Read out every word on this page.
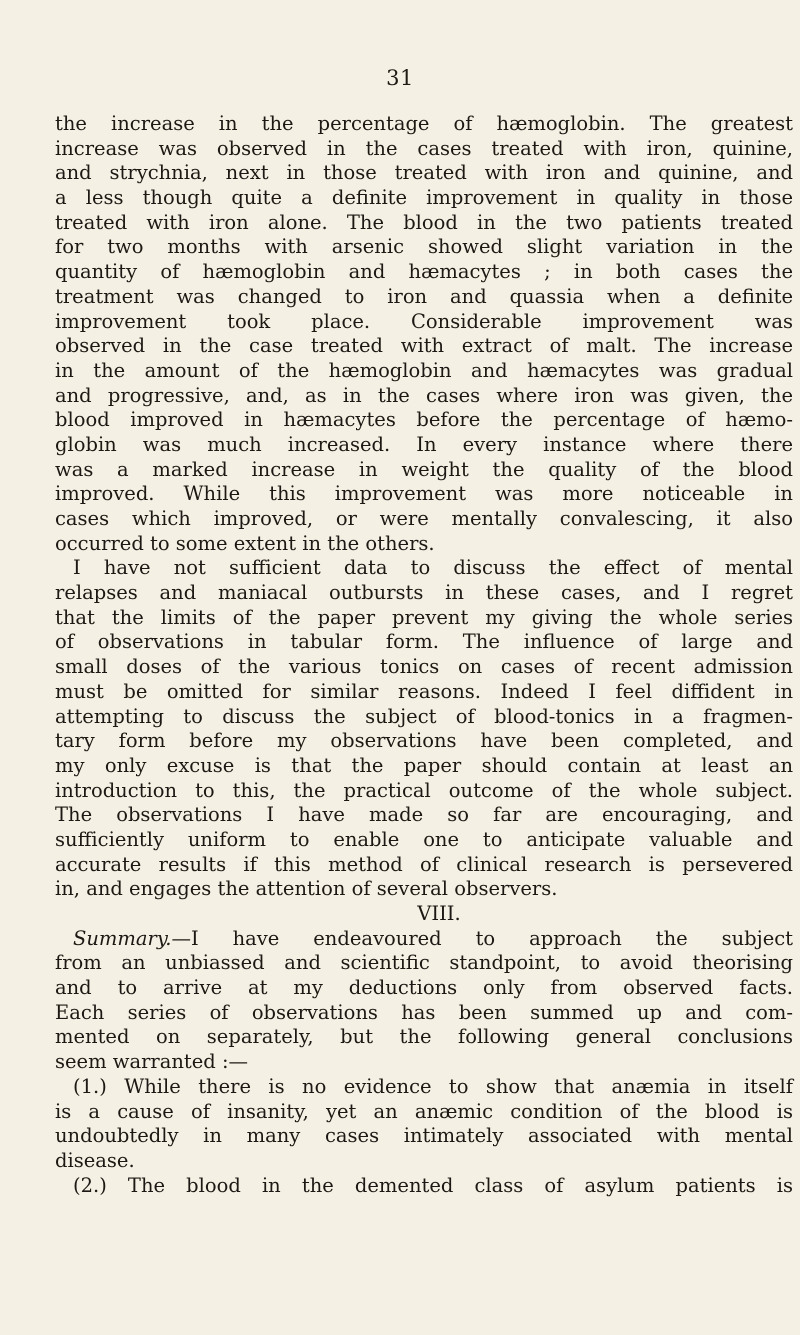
31
the increase in the percentage of hæmoglobin. The greatest
increase was observed in the cases treated with iron, quinine,
and strychnia, next in those treated with iron and quinine, and
a less though quite a definite improvement in quality in those
treated with iron alone. The blood in the two patients treated
for two months with arsenic showed slight variation in the
quantity of hæmoglobin and hæmacytes ; in both cases the
treatment was changed to iron and quassia when a definite
improvement took place. Considerable improvement was
observed in the case treated with extract of malt. The increase
in the amount of the hæmoglobin and hæmacytes was gradual
and progressive, and, as in the cases where iron was given, the
blood improved in hæmacytes before the percentage of hæmo-
globin was much increased. In every instance where there
was a marked increase in weight the quality of the blood
improved. While this improvement was more noticeable in
cases which improved, or were mentally convalescing, it also
occurred to some extent in the others.
I have not sufficient data to discuss the effect of mental
relapses and maniacal outbursts in these cases, and I regret
that the limits of the paper prevent my giving the whole series
of observations in tabular form. The influence of large and
small doses of the various tonics on cases of recent admission
must be omitted for similar reasons. Indeed I feel diffident in
attempting to discuss the subject of blood-tonics in a fragmen-
tary form before my observations have been completed, and
my only excuse is that the paper should contain at least an
introduction to this, the practical outcome of the whole subject.
The observations I have made so far are encouraging, and
sufficiently uniform to enable one to anticipate valuable and
accurate results if this method of clinical research is persevered
in, and engages the attention of several observers.
VIII.
Summary.—I have endeavoured to approach the subject
from an unbiassed and scientific standpoint, to avoid theorising
and to arrive at my deductions only from observed facts.
Each series of observations has been summed up and com-
mented on separately, but the following general conclusions
seem warranted :—
(1.) While there is no evidence to show that anæmia in itself
is a cause of insanity, yet an anæmic condition of the blood is
undoubtedly in many cases intimately associated with mental
disease.
(2.) The blood in the demented class of asylum patients is
